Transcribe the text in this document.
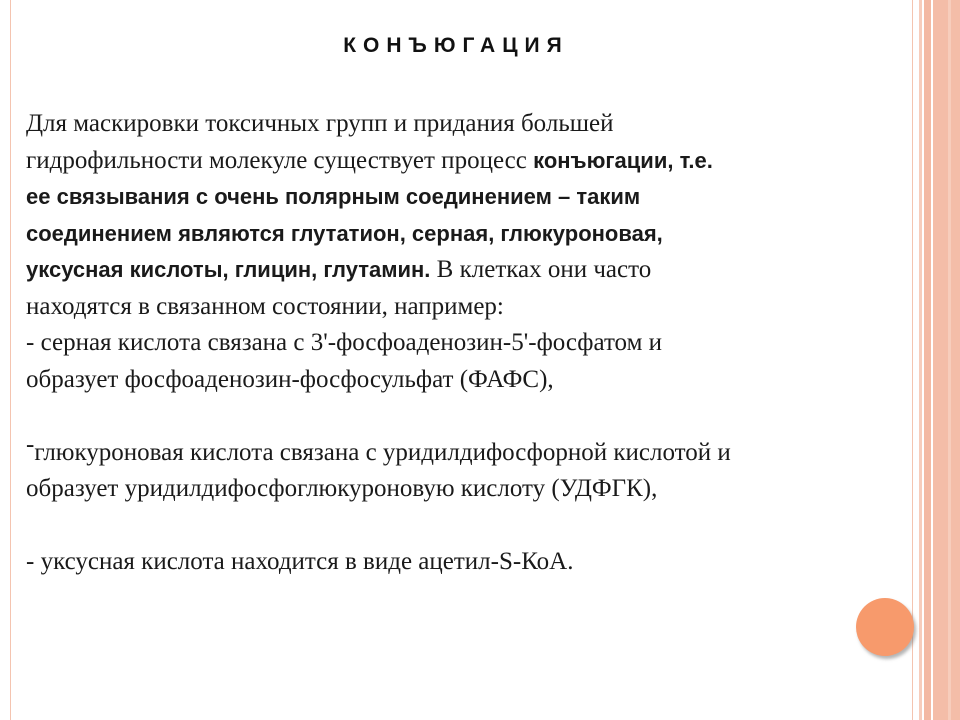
КОНЪЮГАЦИЯ

Для маскировки токсичных групп и придания большей

гидрофильности молекуле существует процесс конъюгации, т.е.

ее связывания с очень полярным соединением – таким

соединением являются глутатион, серная, глюкуроновая,

уксусная кислоты, глицин, глутамин. В клетках они часто

находятся в связанном состоянии, например:

- серная кислота связана с 3'-фосфоаденозин-5'-фосфатом и

образует фосфоаденозин-фосфосульфат (ФАФС),

-глюкуроновая кислота связана с уридилдифосфорной кислотой и

образует уридилдифосфоглюкуроновую кислоту (УДФГК),

- уксусная кислота находится в виде ацетил-S-КоА.
